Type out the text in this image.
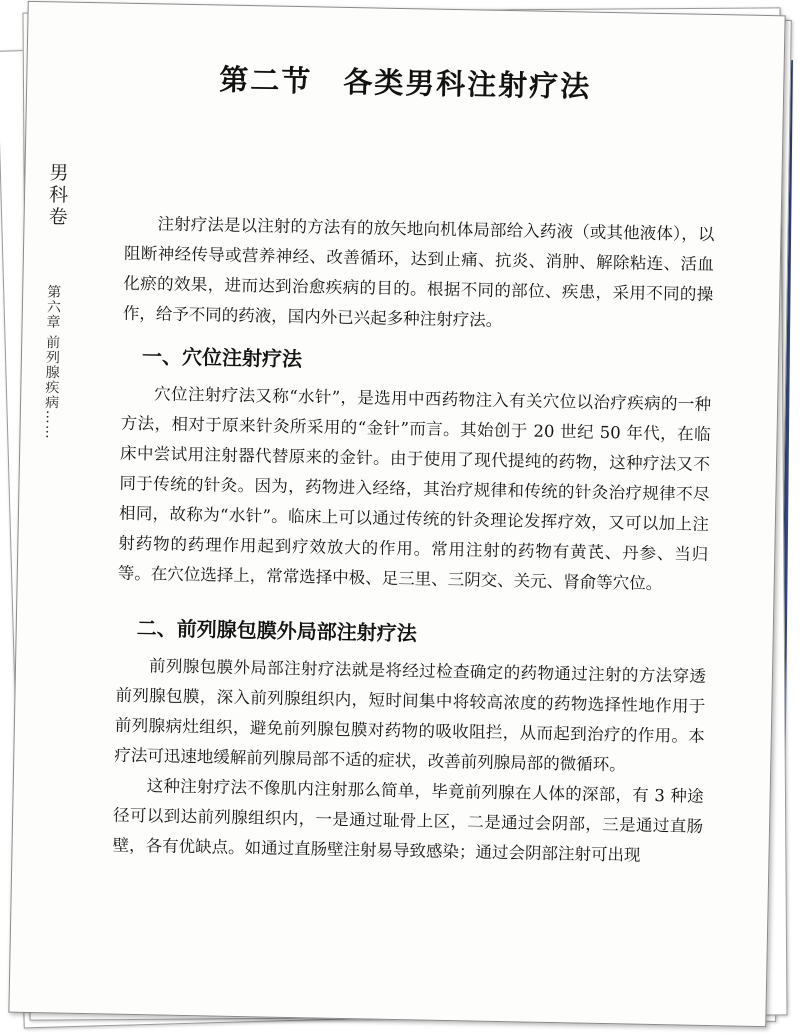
男科卷
第六章 前列腺疾病……
第二节　各类男科注射疗法

注射疗法是以注射的方法有的放矢地向机体局部给入药液（或其他液体），以阻断神经传导或营养神经、改善循环，达到止痛、抗炎、消肿、解除粘连、活血化瘀的效果，进而达到治愈疾病的目的。根据不同的部位、疾患，采用不同的操作，给予不同的药液，国内外已兴起多种注射疗法。

一、穴位注射疗法

穴位注射疗法又称“水针”，是选用中西药物注入有关穴位以治疗疾病的一种方法，相对于原来针灸所采用的“金针”而言。其始创于 20 世纪 50 年代，在临床中尝试用注射器代替原来的金针。由于使用了现代提纯的药物，这种疗法又不同于传统的针灸。因为，药物进入经络，其治疗规律和传统的针灸治疗规律不尽相同，故称为“水针”。临床上可以通过传统的针灸理论发挥疗效，又可以加上注射药物的药理作用起到疗效放大的作用。常用注射的药物有黄芪、丹参、当归等。在穴位选择上，常常选择中极、足三里、三阴交、关元、肾俞等穴位。

二、前列腺包膜外局部注射疗法

前列腺包膜外局部注射疗法就是将经过检查确定的药物通过注射的方法穿透前列腺包膜，深入前列腺组织内，短时间集中将较高浓度的药物选择性地作用于前列腺病灶组织，避免前列腺包膜对药物的吸收阻拦，从而起到治疗的作用。本疗法可迅速地缓解前列腺局部不适的症状，改善前列腺局部的微循环。

这种注射疗法不像肌内注射那么简单，毕竟前列腺在人体的深部，有 3 种途径可以到达前列腺组织内，一是通过耻骨上区，二是通过会阴部，三是通过直肠壁，各有优缺点。如通过直肠壁注射易导致感染；通过会阴部注射可出现
